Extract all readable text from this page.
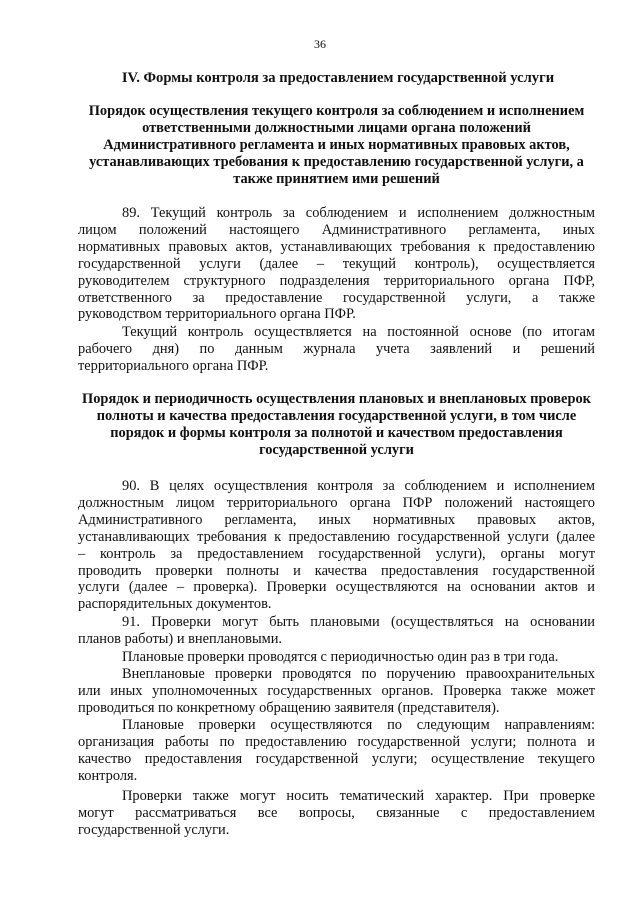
36
IV. Формы контроля за предоставлением государственной услуги
Порядок осуществления текущего контроля за соблюдением и исполнением ответственными должностными лицами органа положений Административного регламента и иных нормативных правовых актов, устанавливающих требования к предоставлению государственной услуги, а также принятием ими решений

89. Текущий контроль за соблюдением и исполнением должностным

лицом положений настоящего Административного регламента, иных

нормативных правовых актов, устанавливающих требования к предоставлению

государственной услуги (далее – текущий контроль), осуществляется

руководителем структурного подразделения территориального органа ПФР,

ответственного за предоставление государственной услуги, а также

руководством территориального органа ПФР.

Текущий контроль осуществляется на постоянной основе (по итогам

рабочего дня) по данным журнала учета заявлений и решений

территориального органа ПФР.

Порядок и периодичность осуществления плановых и внеплановых проверок полноты и качества предоставления государственной услуги, в том числе порядок и формы контроля за полнотой и качеством предоставления государственной услуги

90. В целях осуществления контроля за соблюдением и исполнением

должностным лицом территориального органа ПФР положений настоящего

Административного регламента, иных нормативных правовых актов,

устанавливающих требования к предоставлению государственной услуги (далее

– контроль за предоставлением государственной услуги), органы могут

проводить проверки полноты и качества предоставления государственной

услуги (далее – проверка). Проверки осуществляются на основании актов и

распорядительных документов.

91. Проверки могут быть плановыми (осуществляться на основании

планов работы) и внеплановыми.

Плановые проверки проводятся с периодичностью один раз в три года.

Внеплановые проверки проводятся по поручению правоохранительных

или иных уполномоченных государственных органов. Проверка также может

проводиться по конкретному обращению заявителя (представителя).

Плановые проверки осуществляются по следующим направлениям:

организация работы по предоставлению государственной услуги; полнота и

качество предоставления государственной услуги; осуществление текущего

контроля.

Проверки также могут носить тематический характер. При проверке

могут рассматриваться все вопросы, связанные с предоставлением

государственной услуги.
